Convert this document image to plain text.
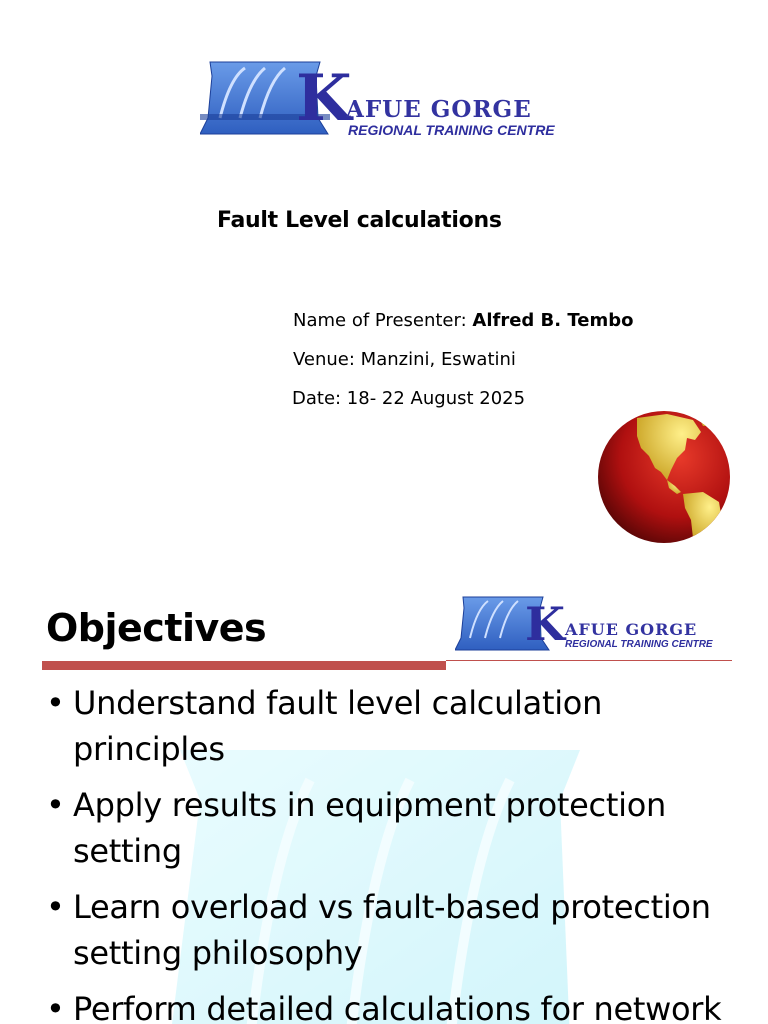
K
AFUE GORGE
REGIONAL TRAINING CENTRE
Fault Level calculations
Name of Presenter: Alfred B. Tembo
Venue: Manzini, Eswatini
Date: 18- 22 August 2025
Objectives	K AFUE GORGE
REGIONAL TRAINING CENTRE
• Understand fault level calculation principles
• Apply results in equipment protection setting
• Learn overload vs fault-based protection setting philosophy
• Perform detailed calculations for network
